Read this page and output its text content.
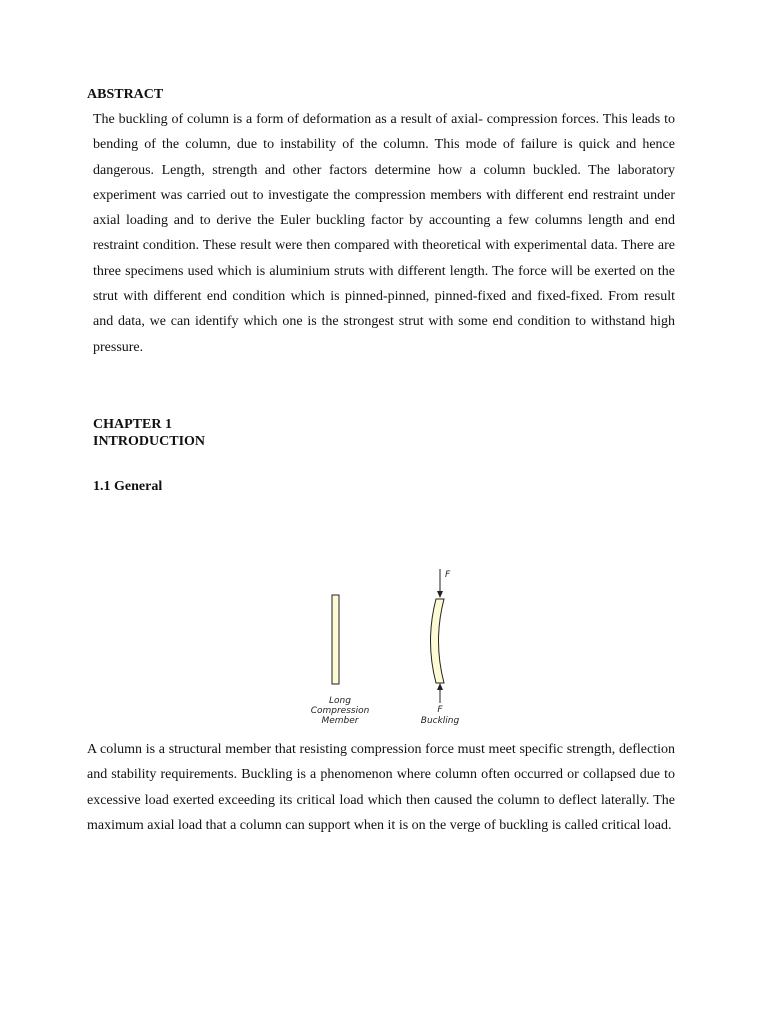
ABSTRACT
The buckling of column is a form of deformation as a result of axial- compression forces. This leads to bending of the column, due to instability of the column. This mode of failure is quick and hence dangerous. Length, strength and other factors determine how a column buckled. The laboratory experiment was carried out to investigate the compression members with different end restraint under axial loading and to derive the Euler buckling factor by accounting a few columns length and end restraint condition. These result were then compared with theoretical with experimental data. There are three specimens used which is aluminium struts with different length. The force will be exerted on the strut with different end condition which is pinned-pinned, pinned-fixed and fixed-fixed. From result and data, we can identify which one is the strongest strut with some end condition to withstand high pressure.
CHAPTER 1
INTRODUCTION
1.1 General
F
F
Long
Compression
Member	Buckling
A column is a structural member that resisting compression force must meet specific strength, deflection and stability requirements. Buckling is a phenomenon where column often occurred or collapsed due to excessive load exerted exceeding its critical load which then caused the column to deflect laterally. The maximum axial load that a column can support when it is on the verge of buckling is called critical load.
